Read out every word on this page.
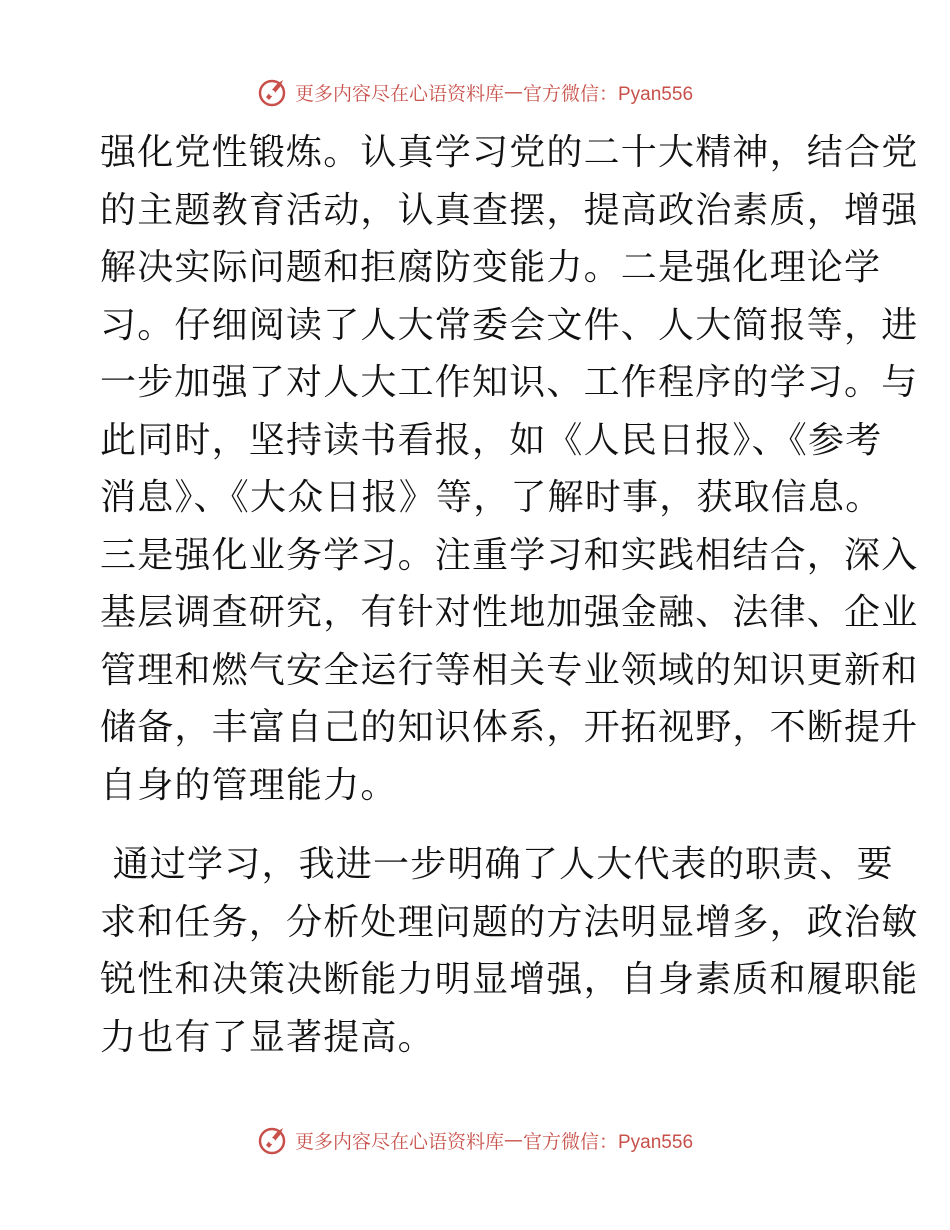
更多内容尽在心语资料库 — 官方微信：Pyan556
强化党性锻炼。认真学习党的二十大精神，结合党
的主题教育活动，认真查摆，提高政治素质，增强
解决实际问题和拒腐防变能力。二是强化理论学
习。仔细阅读了人大常委会文件、人大简报等，进
一步加强了对人大工作知识、工作程序的学习。与
此同时，坚持读书看报，如《人民日报》、《参考
消息》、《大众日报》等，了解时事，获取信息。
三是强化业务学习。注重学习和实践相结合，深入
基层调查研究，有针对性地加强金融、法律、企业
管理和燃气安全运行等相关专业领域的知识更新和
储备，丰富自己的知识体系，开拓视野，不断提升
自身的管理能力。
通过学习，我进一步明确了人大代表的职责、要
求和任务，分析处理问题的方法明显增多，政治敏
锐性和决策决断能力明显增强，自身素质和履职能
力也有了显著提高。
更多内容尽在心语资料库 — 官方微信：Pyan556
